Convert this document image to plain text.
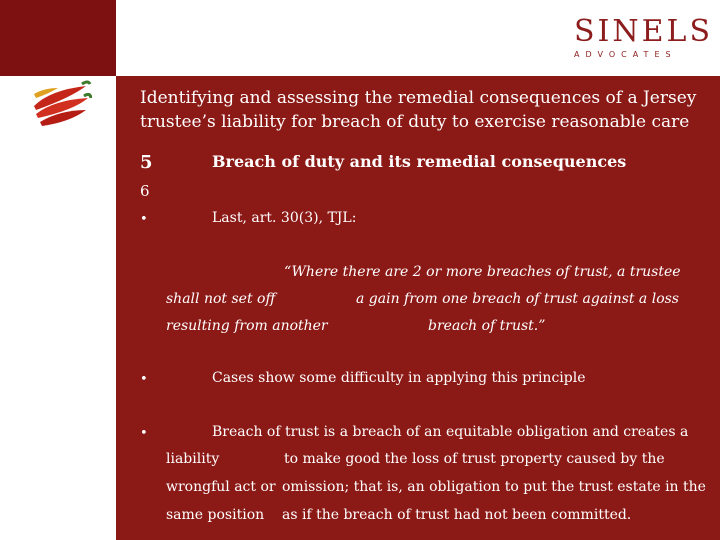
SINELS
ADVOCATES
Identifying and assessing the remedial consequences of a Jersey
trustee’s liability for breach of duty to exercise reasonable care
5	Breach of duty and its remedial consequences
6
•	Last, art. 30(3), TJL:
“Where there are 2 or more breaches of trust, a trustee
shall not set off	a gain from one breach of trust against a loss
resulting from another	breach of trust.”
•	Cases show some difficulty in applying this principle
•	Breach of trust is a breach of an equitable obligation and creates a
liability	to make good the loss of trust property caused by the
wrongful act or omission; that is, an obligation to put the trust estate in the
same position as if the breach of trust had not been committed.
